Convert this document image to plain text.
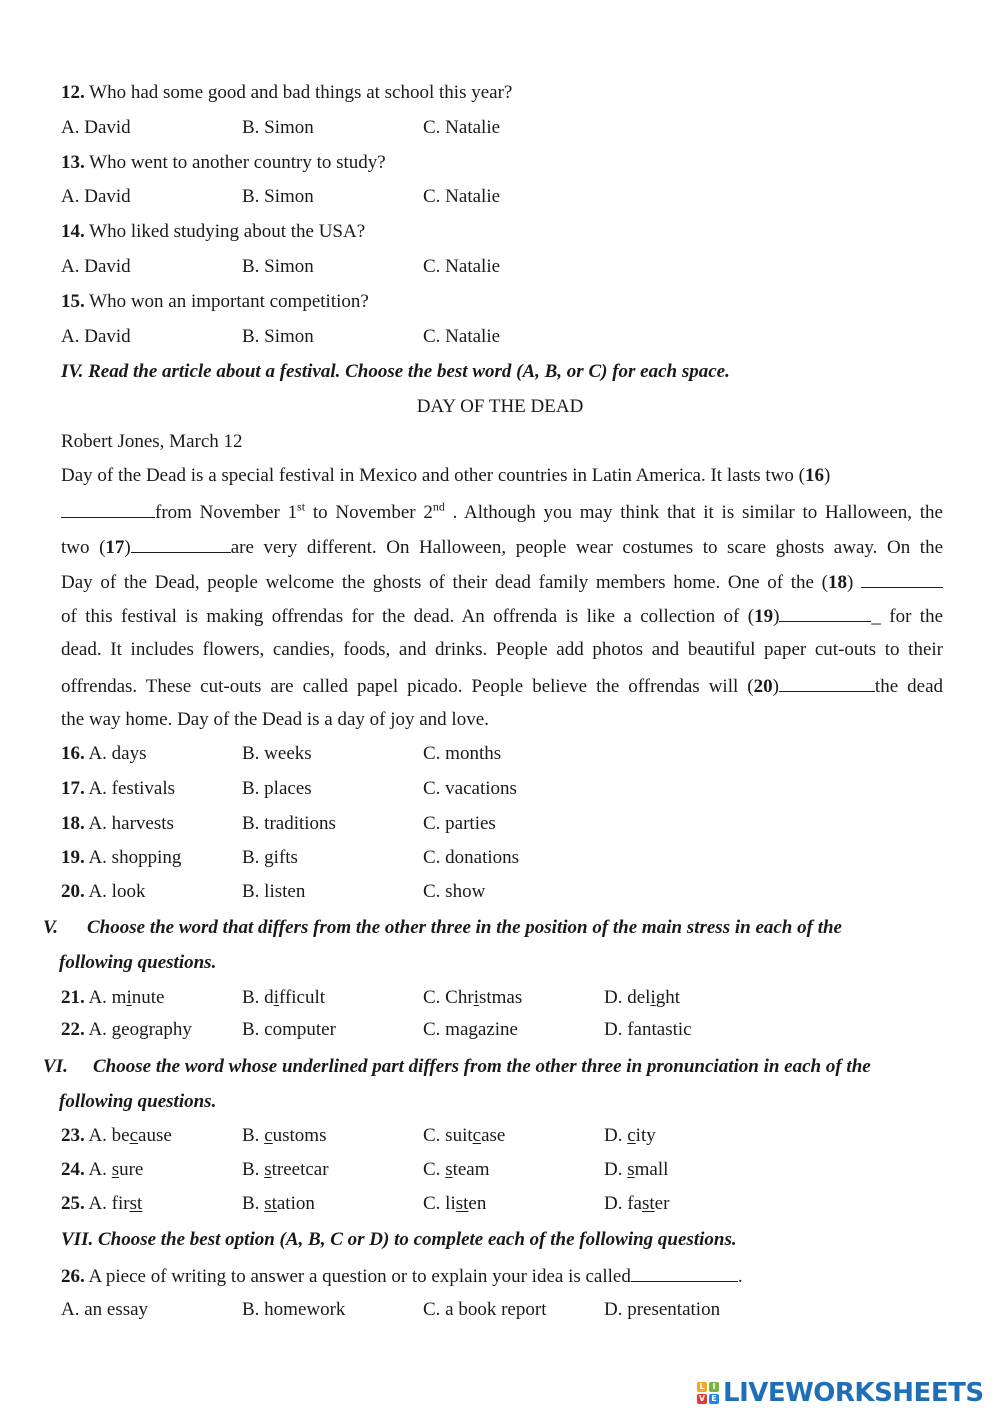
12. Who had some good and bad things at school this year?
A. David	B. Simon	C. Natalie
13. Who went to another country to study?
A. David	B. Simon	C. Natalie
14. Who liked studying about the USA?
A. David	B. Simon	C. Natalie
15. Who won an important competition?
A. David	B. Simon	C. Natalie
IV. Read the article about a festival. Choose the best word (A, B, or C) for each space.
DAY OF THE DEAD
Robert Jones, March 12
Day of the Dead is a special festival in Mexico and other countries in Latin America. It lasts two (16)
from November 1st to November 2nd . Although you may think that it is similar to Halloween, the
two (17)	are very different. On Halloween, people wear costumes to scare ghosts away. On the
Day of the Dead, people welcome the ghosts of their dead family members home. One of the (18)
of this festival is making offrendas for the dead. An offrenda is like a collection of (19)	_ for the
dead. It includes flowers, candies, foods, and drinks. People add photos and beautiful paper cut-outs to their
offrendas. These cut-outs are called papel picado. People believe the offrendas will (20)	the dead
the way home. Day of the Dead is a day of joy and love.
16. A. days	B. weeks	C. months
17. A. festivals	B. places	C. vacations
18. A. harvests	B. traditions	C. parties
19. A. shopping	B. gifts	C. donations
20. A. look	B. listen	C. show
V. Choose the word that differs from the other three in the position of the main stress in each of the
following questions.
21. A. minute	B. difficult	C. Christmas	D. delight
22. A. geography	B. computer	C. magazine	D. fantastic
VI. Choose the word whose underlined part differs from the other three in pronunciation in each of the
following questions.
23. A. because	B. customs	C. suitcase	D. city
24. A. sure	B. streetcar	C. steam	D. small
25. A. first	B. station	C. listen	D. faster
VII. Choose the best option (A, B, C or D) to complete each of the following questions.
26. A piece of writing to answer a question or to explain your idea is called	.
A. an essay	B. homework	C. a book report	D. presentation
L I
V E LIVEWORKSHEETS
